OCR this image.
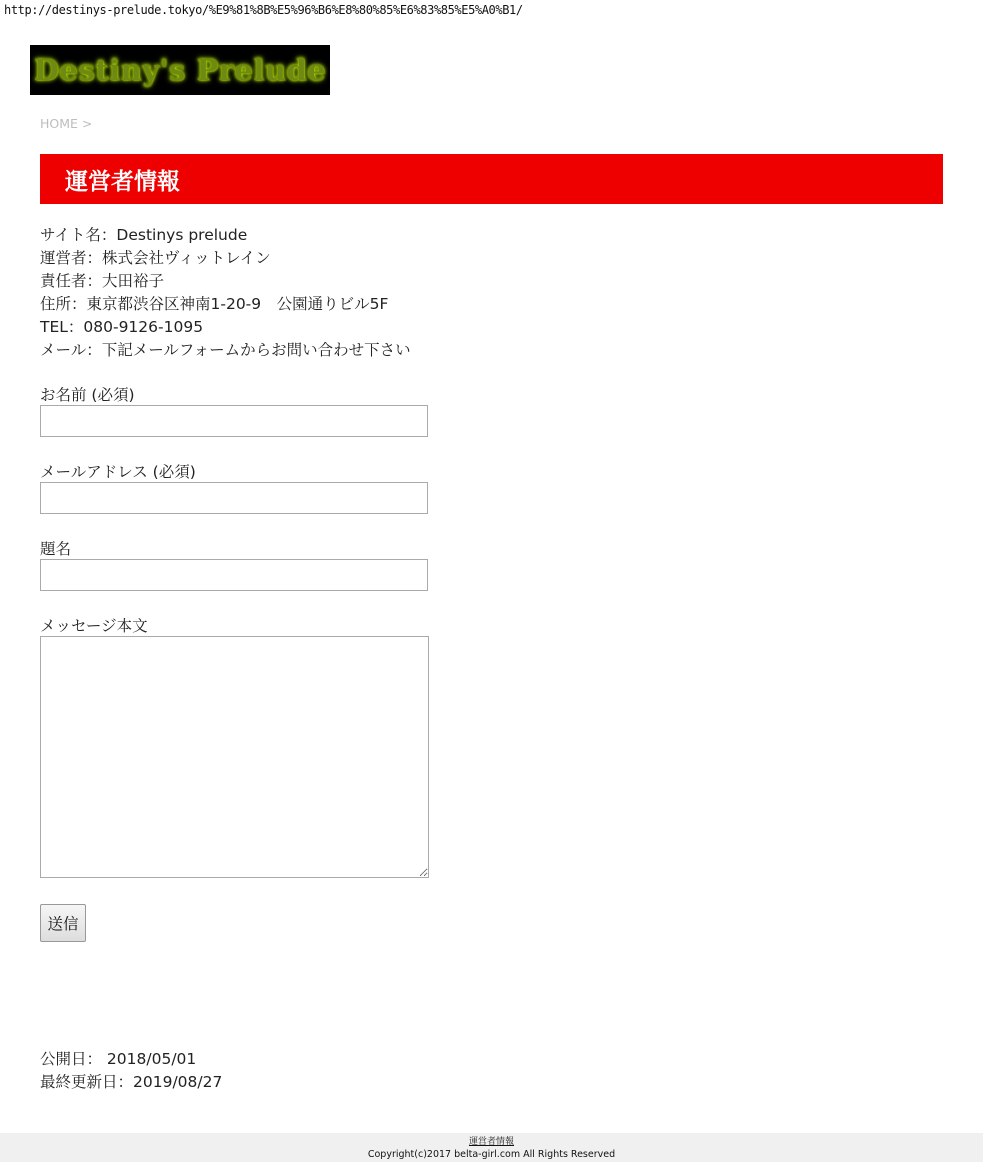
http://destinys-prelude.tokyo/%E9%81%8B%E5%96%B6%E8%80%85%E6%83%85%E5%A0%B1/
Destiny's Prelude
HOME >
運営者情報
サイト名：Destinys prelude
運営者：株式会社ヴィットレイン
責任者：大田裕子
住所：東京都渋谷区神南1-20-9　公園通りビル5F
TEL：080-9126-1095
メール：下記メールフォームからお問い合わせ下さい
お名前 (必須)
メールアドレス (必須)
題名
メッセージ本文
送信
公開日： 2018/05/01
最終更新日：2019/08/27
運営者情報
Copyright(c)2017 belta-girl.com All Rights Reserved
